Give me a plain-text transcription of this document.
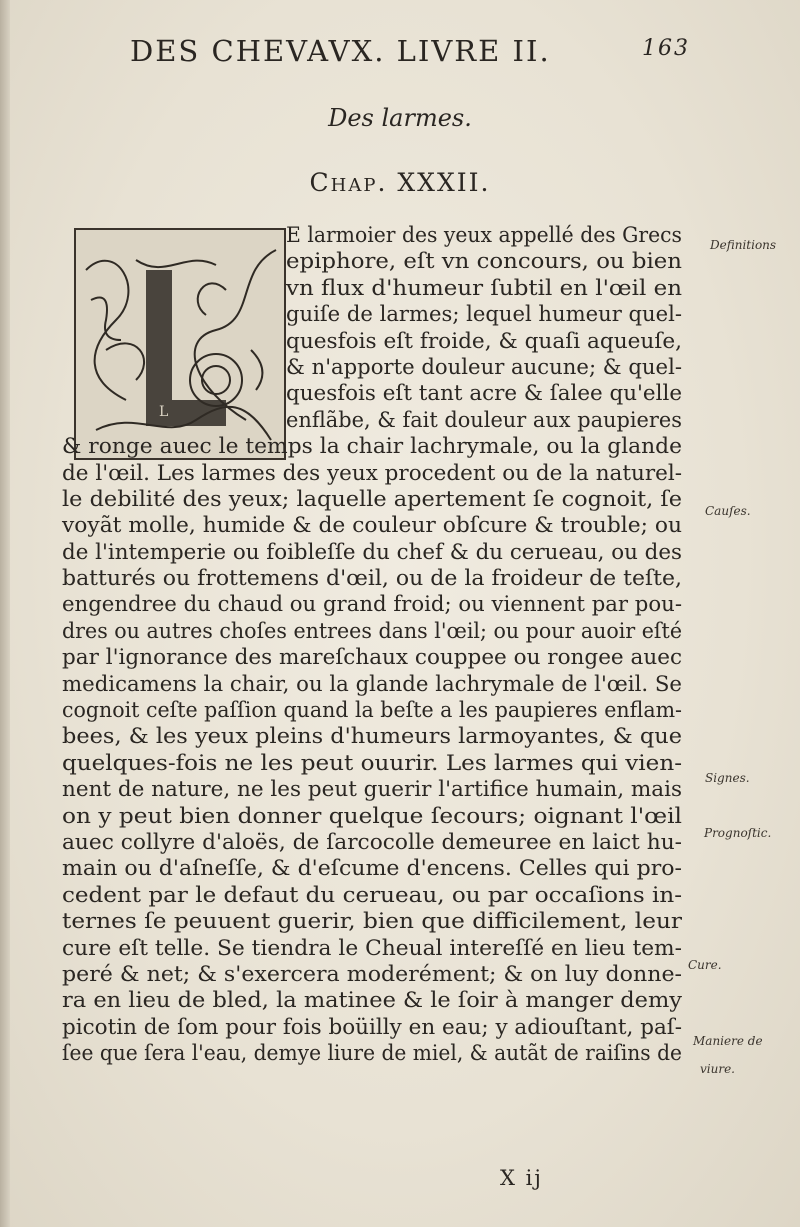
DES CHEVAVX. LIVRE II.	163
Des larmes.
Chap. XXXII.
L
E larmoier des yeux appellé des Grecs
epiphore, eſt vn concours, ou bien
vn flux d'humeur ſubtil en l'œil en
guiſe de larmes; lequel humeur quel-
quesfois eſt froide, & quaſi aqueuſe,
& n'apporte douleur aucune; & quel-
quesfois eſt tant acre & ſalee qu'elle
enflãbe, & fait douleur aux paupieres
& ronge auec le temps la chair lachrymale, ou la glande
de l'œil. Les larmes des yeux procedent ou de la naturel-
le debilité des yeux; laquelle apertement ſe cognoit, ſe
voyãt molle, humide & de couleur obſcure & trouble; ou
de l'intemperie ou foibleſſe du chef & du cerueau, ou des
batturés ou frottemens d'œil, ou de la froideur de teſte,
engendree du chaud ou grand froid; ou viennent par pou-
dres ou autres choſes entrees dans l'œil; ou pour auoir eſté
par l'ignorance des mareſchaux couppee ou rongee auec
medicamens la chair, ou la glande lachrymale de l'œil. Se
cognoit ceſte paſſion quand la beſte a les paupieres enflam-
bees, & les yeux pleins d'humeurs larmoyantes, & que
quelques-fois ne les peut ouurir. Les larmes qui vien-
nent de nature, ne les peut guerir l'artifice humain, mais
on y peut bien donner quelque ſecours; oignant l'œil
auec collyre d'aloës, de ſarcocolle demeuree en laict hu-
main ou d'aſneſſe, & d'eſcume d'encens. Celles qui pro-
cedent par le defaut du cerueau, ou par occaſions in-
ternes ſe peuuent guerir, bien que difficilement, leur
cure eſt telle. Se tiendra le Cheual intereſſé en lieu tem-
peré & net; & s'exercera moderément; & on luy donne-
ra en lieu de bled, la matinee & le ſoir à manger demy
picotin de ſom pour fois boüilly en eau; y adiouſtant, paſ-
ſee que ſera l'eau, demye liure de miel, & autãt de raiſins de
Definitions
Cauſes.
Signes.
Prognoſtic.
Cure.
Maniere de
viure.
X ij
